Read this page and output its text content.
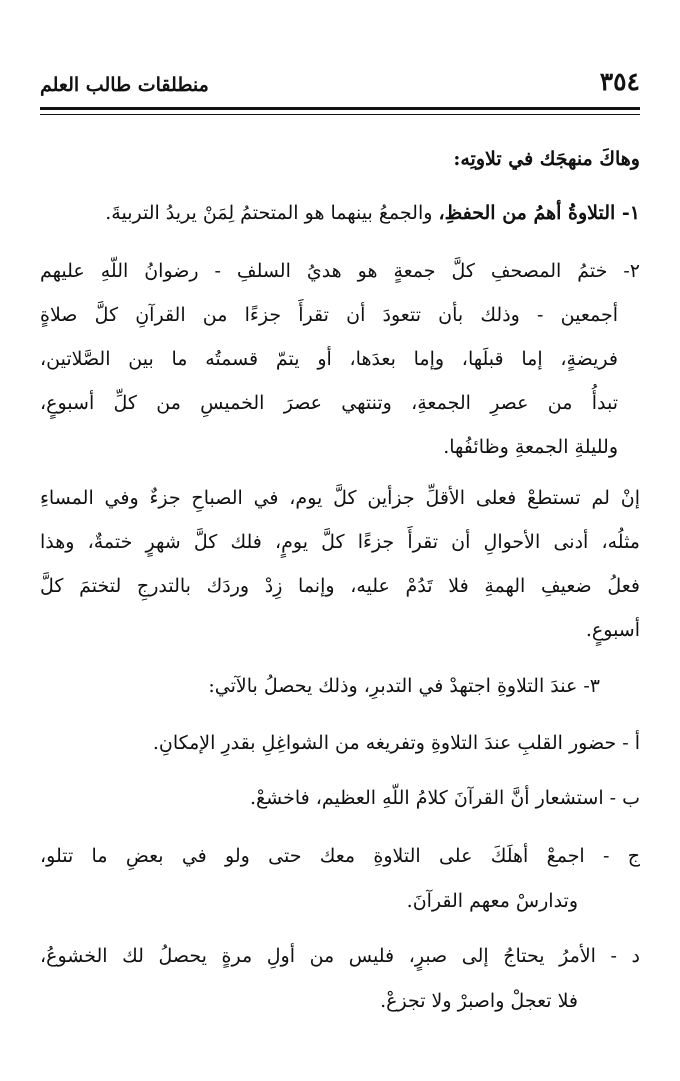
٣٥٤
منطلقات طالب العلم
وهاكَ منهجَك في تلاوتِه:
١- التلاوةُ أهمُ من الحفظِ، والجمعُ بينهما هو المتحتمُ لِمَنْ يريدُ التربيةَ.
٢- ختمُ المصحفِ كلَّ جمعةٍ هو هديُ السلفِ - رضوانُ اللّهِ عليهم
أجمعين - وذلك بأن تتعودَ أن تقرأَ جزءًا من القرآنِ كلَّ صلاةٍ
فريضةٍ، إما قبلَها، وإما بعدَها، أو يتمّ قسمتُه ما بين الصَّلاتين،
تبدأُ من عصرِ الجمعةِ، وتنتهي عصرَ الخميسِ من كلِّ أسبوعٍ،
ولليلةِ الجمعةِ وظائفُها.
إنْ لم تستطعْ فعلى الأقلِّ جزأين كلَّ يوم، في الصباحِ جزءٌ وفي المساءِ
مثلُه، أدنى الأحوالِ أن تقرأَ جزءًا كلَّ يومٍ، فلك كلَّ شهرٍ ختمةٌ، وهذا
فعلُ ضعيفِ الهمةِ فلا تَدُمْ عليه، وإنما زِدْ وردَك بالتدرجِ لتختمَ كلَّ
أسبوعٍ.
٣- عندَ التلاوةِ اجتهدْ في التدبرِ، وذلك يحصلُ بالآتي:
أ - حضور القلبِ عندَ التلاوةِ وتفريغه من الشواغِلِ بقدرِ الإمكانِ.
ب - استشعار أنَّ القرآنَ كلامُ اللّهِ العظيم، فاخشعْ.
ج - اجمعْ أهلَكَ على التلاوةِ معك حتى ولو في بعضِ ما تتلو،
وتدارسْ معهم القرآنَ.
د - الأمرُ يحتاجُ إلى صبرٍ، فليس من أولِ مرةٍ يحصلُ لك الخشوعُ،
فلا تعجلْ واصبرْ ولا تجزعْ.
